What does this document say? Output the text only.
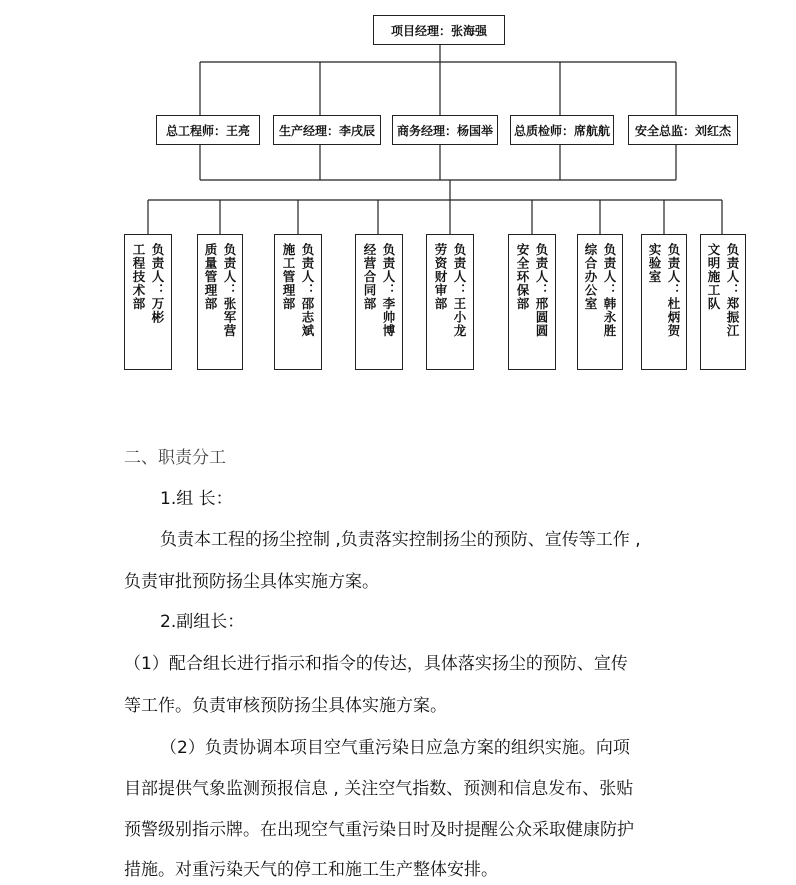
项目经理：张海强
总工程师：王亮	生产经理：李戌辰	商务经理：杨国举	总质检师：席航航	安全总监：刘红杰
负责人：万彬
工程技术部	负责人：张军营
质量管理部	负责人：邵志斌
施工管理部	负责人：李帅博
经营合同部	负责人：王小龙
劳资财审部	负责人：邢圆圆
安全环保部	负责人：韩永胜
综合办公室	负责人：杜炳贺
实验室	负责人：郑振江
文明施工队
二、职责分工
1.组 长：
负责本工程的扬尘控制 ,负责落实控制扬尘的预防、宣传等工作 ,
负责审批预防扬尘具体实施方案。
2.副组长：
（1）配合组长进行指示和指令的传达，具体落实扬尘的预防、宣传
等工作。负责审核预防扬尘具体实施方案。
（2）负责协调本项目空气重污染日应急方案的组织实施。向项
目部提供气象监测预报信息 , 关注空气指数、预测和信息发布、张贴
预警级别指示牌。在出现空气重污染日时及时提醒公众采取健康防护
措施。对重污染天气的停工和施工生产整体安排。
